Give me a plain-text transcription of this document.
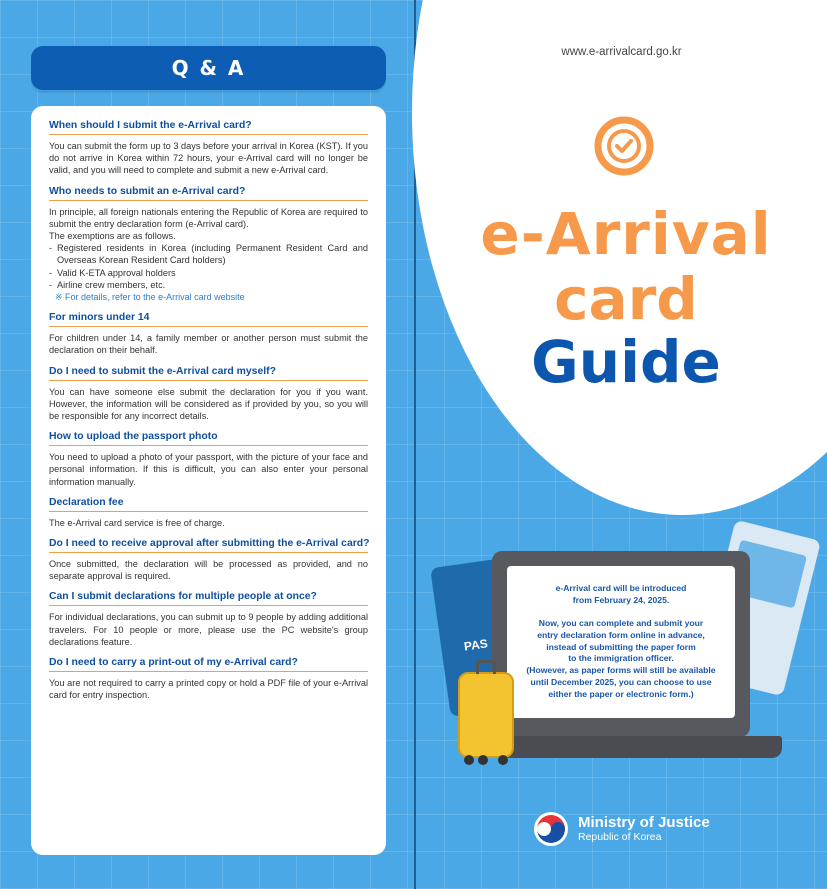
Q & A
When should I submit the e-Arrival card?
You can submit the form up to 3 days before your arrival in Korea (KST). If you do not arrive in Korea within 72 hours, your e-Arrival card will no longer be valid, and you will need to complete and submit a new e-Arrival card.
Who needs to submit an e-Arrival card?

In principle, all foreign nationals entering the Republic of Korea are required to submit the entry declaration form (e-Arrival card).

The exemptions are as follows.

- Registered residents in Korea (including Permanent Resident Card and Overseas Korean Resident Card holders)
- Valid K-ETA approval holders
- Airline crew members, etc.
※ For details, refer to the e-Arrival card website
For minors under 14
For children under 14, a family member or another person must submit the declaration on their behalf.
Do I need to submit the e-Arrival card myself?
You can have someone else submit the declaration for you if you want. However, the information will be considered as if provided by you, so you will be responsible for any incorrect details.
How to upload the passport photo
You need to upload a photo of your passport, with the picture of your face and personal information. If this is difficult, you can also enter your personal information manually.
Declaration fee
The e-Arrival card service is free of charge.
Do I need to receive approval after submitting the e-Arrival card?
Once submitted, the declaration will be processed as provided, and no separate approval is required.
Can I submit declarations for multiple people at once?
For individual declarations, you can submit up to 9 people by adding additional travelers. For 10 people or more, please use the PC website's group declarations feature.
Do I need to carry a print-out of my e-Arrival card?
You are not required to carry a printed copy or hold a PDF file of your e-Arrival card for entry inspection.
www.e-arrivalcard.go.kr
e-Arrival
card
Guide
PAS

e-Arrival card will be introduced

from February 24, 2025.

Now, you can complete and submit your

entry declaration form online in advance,

instead of submitting the paper form

to the immigration officer.

(However, as paper forms will still be available

until December 2025, you can choose to use

either the paper or electronic form.)

Ministry of Justice
Republic of Korea
